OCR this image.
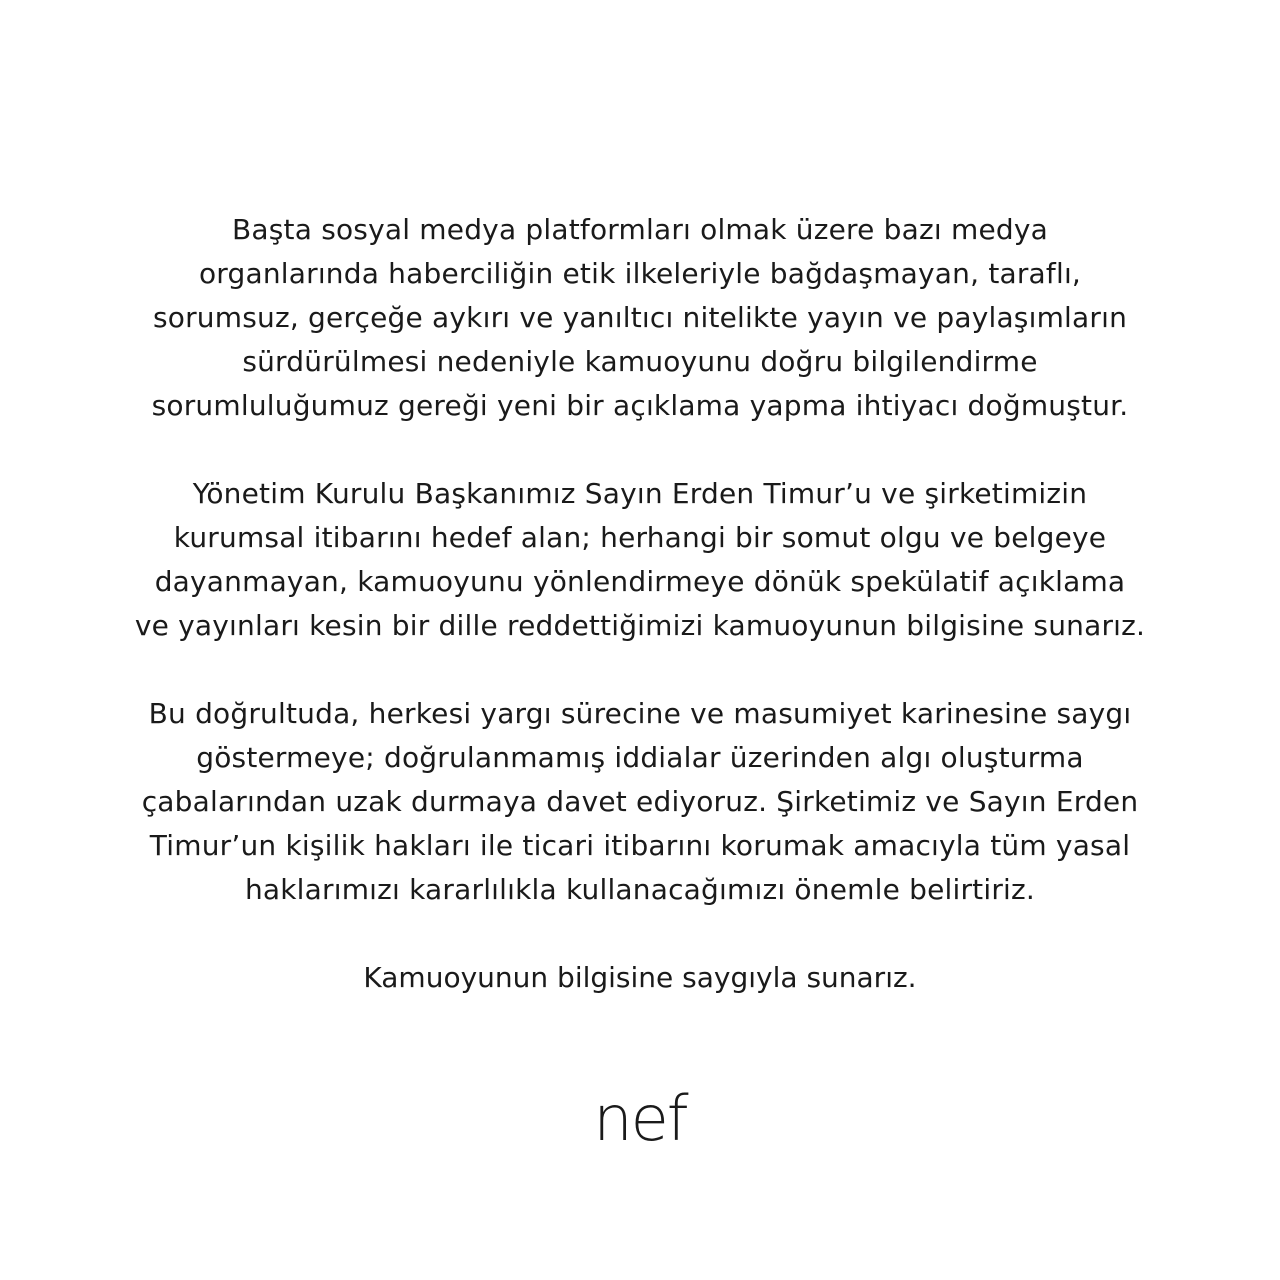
Başta sosyal medya platformları olmak üzere bazı medya
organlarında haberciliğin etik ilkeleriyle bağdaşmayan, taraflı,
sorumsuz, gerçeğe aykırı ve yanıltıcı nitelikte yayın ve paylaşımların
sürdürülmesi nedeniyle kamuoyunu doğru bilgilendirme
sorumluluğumuz gereği yeni bir açıklama yapma ihtiyacı doğmuştur.

Yönetim Kurulu Başkanımız Sayın Erden Timur’u ve şirketimizin
kurumsal itibarını hedef alan; herhangi bir somut olgu ve belgeye
dayanmayan, kamuoyunu yönlendirmeye dönük spekülatif açıklama
ve yayınları kesin bir dille reddettiğimizi kamuoyunun bilgisine sunarız.

Bu doğrultuda, herkesi yargı sürecine ve masumiyet karinesine saygı
göstermeye; doğrulanmamış iddialar üzerinden algı oluşturma
çabalarından uzak durmaya davet ediyoruz. Şirketimiz ve Sayın Erden
Timur’un kişilik hakları ile ticari itibarını korumak amacıyla tüm yasal
haklarımızı kararlılıkla kullanacağımızı önemle belirtiriz.

Kamuoyunun bilgisine saygıyla sunarız.

nef
